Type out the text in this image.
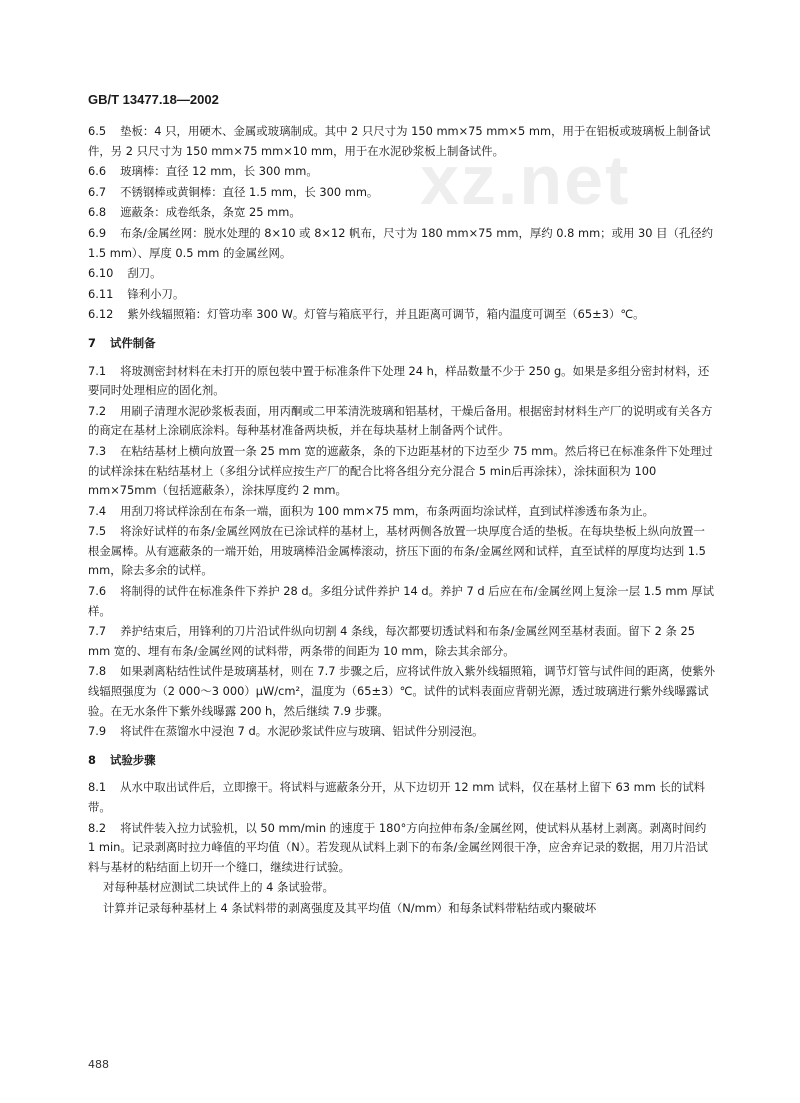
xz.net
GB/T 13477.18—2002

6.5 垫板：4 只，用硬木、金属或玻璃制成。其中 2 只尺寸为 150 mm×75 mm×5 mm，用于在铝板或玻璃板上制备试件，另 2 只尺寸为 150 mm×75 mm×10 mm，用于在水泥砂浆板上制备试件。

6.6 玻璃棒：直径 12 mm，长 300 mm。

6.7 不锈钢棒或黄铜棒：直径 1.5 mm，长 300 mm。

6.8 遮蔽条：成卷纸条，条宽 25 mm。

6.9 布条/金属丝网：脱水处理的 8×10 或 8×12 帆布，尺寸为 180 mm×75 mm，厚约 0.8 mm；或用 30 目（孔径约 1.5 mm）、厚度 0.5 mm 的金属丝网。

6.10 刮刀。

6.11 锋利小刀。

6.12 紫外线辐照箱：灯管功率 300 W。灯管与箱底平行，并且距离可调节，箱内温度可调至（65±3）℃。

7 试件制备

7.1 将玻测密封材料在未打开的原包装中置于标准条件下处理 24 h，样品数量不少于 250 g。如果是多组分密封材料，还要同时处理相应的固化剂。

7.2 用刷子清理水泥砂浆板表面，用丙酮或二甲苯清洗玻璃和铝基材，干燥后备用。根据密封材料生产厂的说明或有关各方的商定在基材上涂刷底涂料。每种基材准备两块板，并在每块基材上制备两个试件。

7.3 在粘结基材上横向放置一条 25 mm 宽的遮蔽条，条的下边距基材的下边至少 75 mm。然后将已在标准条件下处理过的试样涂抹在粘结基材上（多组分试样应按生产厂的配合比将各组分充分混合 5 min后再涂抹），涂抹面积为 100 mm×75mm（包括遮蔽条），涂抹厚度约 2 mm。

7.4 用刮刀将试样涂刮在布条一端，面积为 100 mm×75 mm，布条两面均涂试样，直到试样渗透布条为止。

7.5 将涂好试样的布条/金属丝网放在已涂试样的基材上，基材两侧各放置一块厚度合适的垫板。在每块垫板上纵向放置一根金属棒。从有遮蔽条的一端开始，用玻璃棒沿金属棒滚动，挤压下面的布条/金属丝网和试样，直至试样的厚度均达到 1.5 mm，除去多余的试样。

7.6 将制得的试件在标准条件下养护 28 d。多组分试件养护 14 d。养护 7 d 后应在布/金属丝网上复涂一层 1.5 mm 厚试样。

7.7 养护结束后，用锋利的刀片沿试件纵向切割 4 条线，每次都要切透试料和布条/金属丝网至基材表面。留下 2 条 25 mm 宽的、埋有布条/金属丝网的试料带，两条带的间距为 10 mm，除去其余部分。

7.8 如果剥离粘结性试件是玻璃基材，则在 7.7 步骤之后，应将试件放入紫外线辐照箱，调节灯管与试件间的距离，使紫外线辐照强度为（2 000～3 000）μW/cm²，温度为（65±3）℃。试件的试料表面应背朝光源，透过玻璃进行紫外线曝露试验。在无水条件下紫外线曝露 200 h，然后继续 7.9 步骤。

7.9 将试件在蒸馏水中浸泡 7 d。水泥砂浆试件应与玻璃、铝试件分别浸泡。

8 试验步骤

8.1 从水中取出试件后，立即擦干。将试料与遮蔽条分开，从下边切开 12 mm 试料，仅在基材上留下 63 mm 长的试料带。

8.2 将试件装入拉力试验机，以 50 mm/min 的速度于 180°方向拉伸布条/金属丝网，使试料从基材上剥离。剥离时间约 1 min。记录剥离时拉力峰值的平均值（N）。若发现从试料上剥下的布条/金属丝网很干净，应舍弃记录的数据，用刀片沿试料与基材的粘结面上切开一个缝口，继续进行试验。

对每种基材应测试二块试件上的 4 条试验带。

计算并记录每种基材上 4 条试料带的剥离强度及其平均值（N/mm）和每条试料带粘结或内聚破坏

488
